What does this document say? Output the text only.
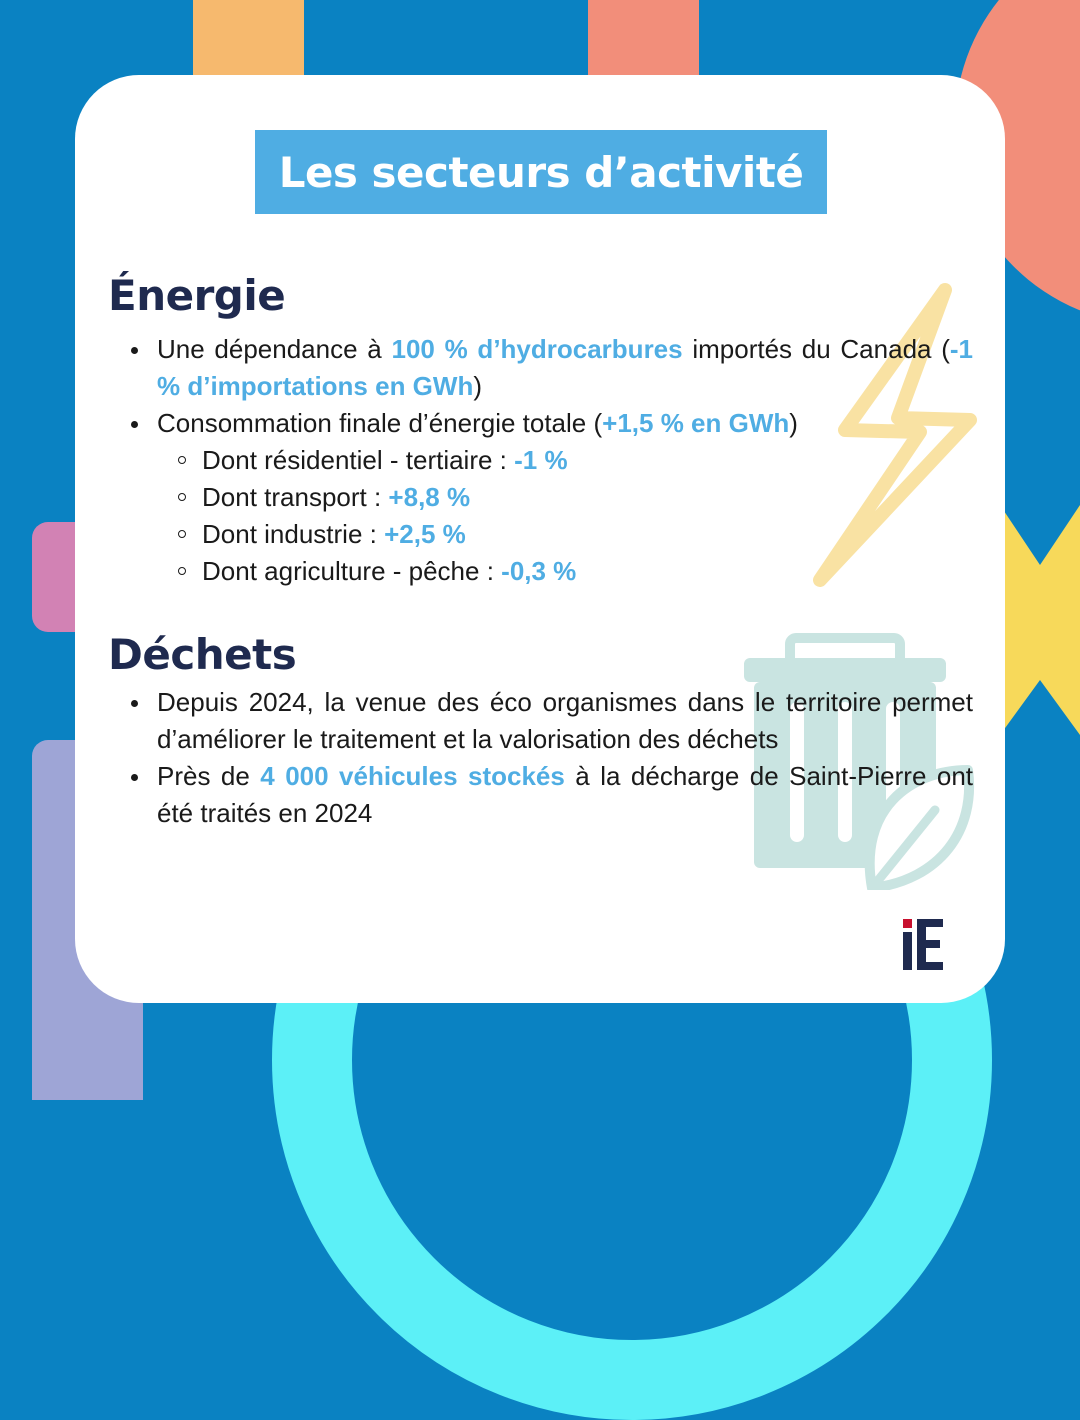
Les secteurs d’activité
Énergie
Une dépendance à 100 % d’hydrocarbures importés du Canada (-1 % d’importations en GWh)
Consommation finale d’énergie totale (+1,5 % en GWh)
Dont résidentiel - tertiaire : -1 %
Dont transport : +8,8 %
Dont industrie : +2,5 %
Dont agriculture - pêche : -0,3 %
Déchets
Depuis 2024, la venue des éco organismes dans le territoire permet d’améliorer le traitement et la valorisation des déchets
Près de 4 000 véhicules stockés à la décharge de Saint-Pierre ont été traités en 2024
